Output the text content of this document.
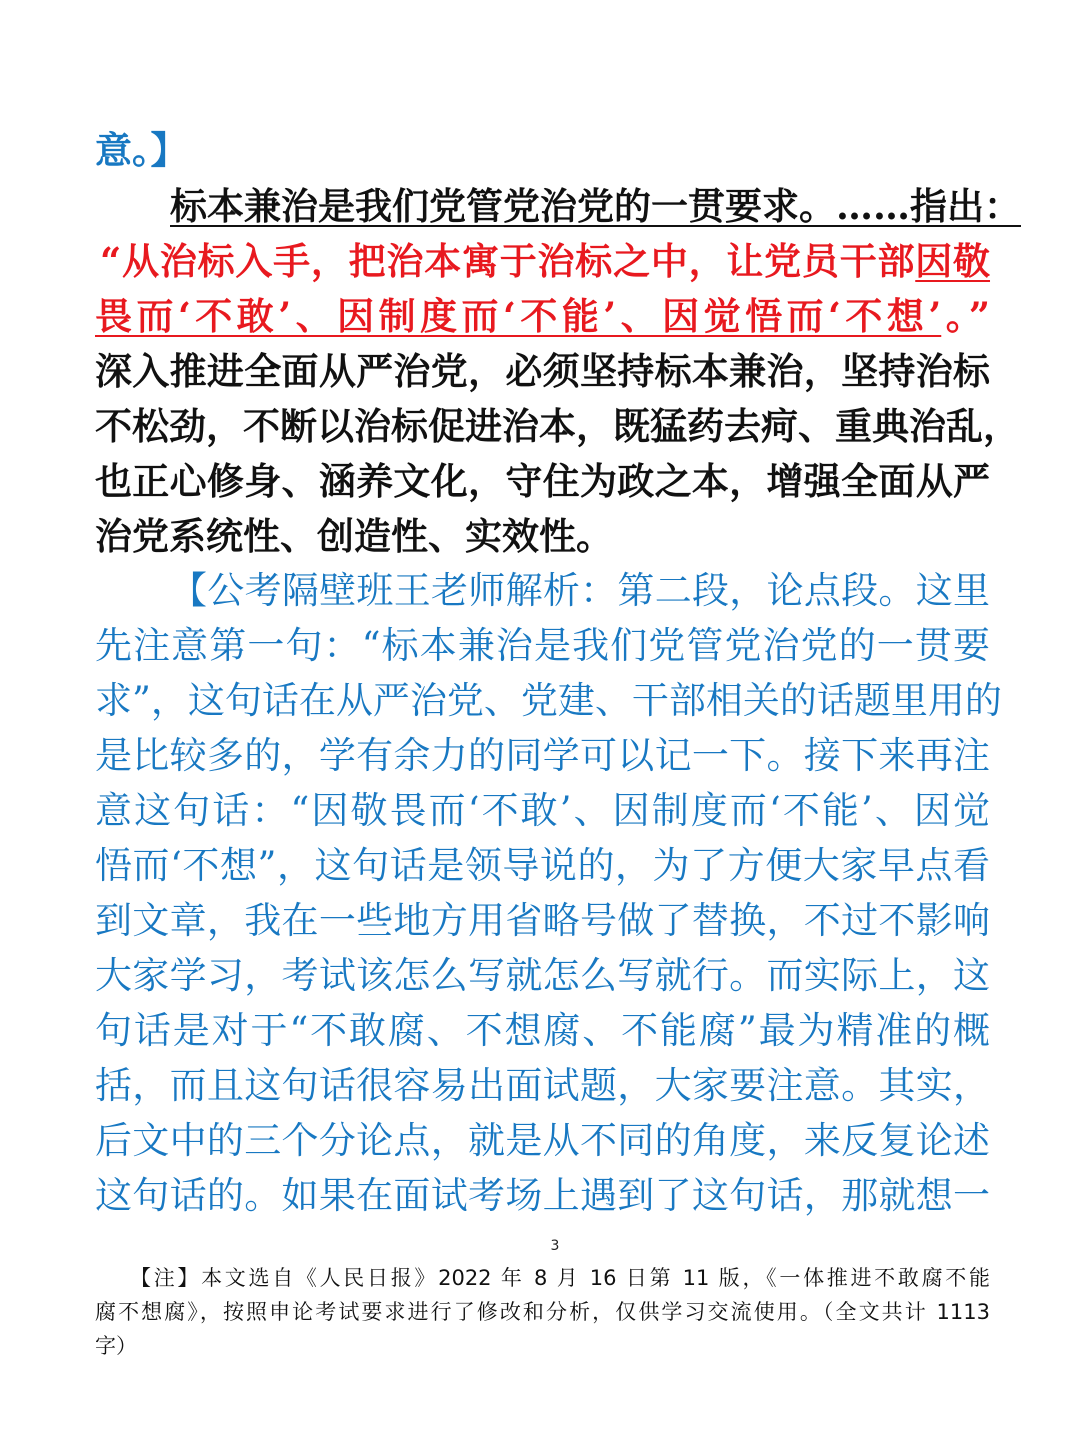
意。】
标本兼治是我们党管党治党的一贯要求。……指出：
“从治标入手，把治本寓于治标之中，让党员干部因敬
畏而‘不敢’、因制度而‘不能’、因觉悟而‘不想’。”
深入推进全面从严治党，必须坚持标本兼治，坚持治标
不松劲，不断以治标促进治本，既猛药去疴、重典治乱，
也正心修身、涵养文化，守住为政之本，增强全面从严
治党系统性、创造性、实效性。
【公考隔壁班王老师解析：第二段，论点段。这里
先注意第一句：“标本兼治是我们党管党治党的一贯要
求”，这句话在从严治党、党建、干部相关的话题里用的
是比较多的，学有余力的同学可以记一下。接下来再注
意这句话：“因敬畏而‘不敢’、因制度而‘不能’、因觉
悟而‘不想”，这句话是领导说的，为了方便大家早点看
到文章，我在一些地方用省略号做了替换，不过不影响
大家学习，考试该怎么写就怎么写就行。而实际上，这
句话是对于“不敢腐、不想腐、不能腐”最为精准的概
括，而且这句话很容易出面试题，大家要注意。其实，
后文中的三个分论点，就是从不同的角度，来反复论述
这句话的。如果在面试考场上遇到了这句话，那就想一
3
【注】本文选自《人民日报》2022 年 8 月 16 日第 11 版，《一体推进不敢腐不能
腐不想腐》，按照申论考试要求进行了修改和分析，仅供学习交流使用。（全文共计 1113
字）
